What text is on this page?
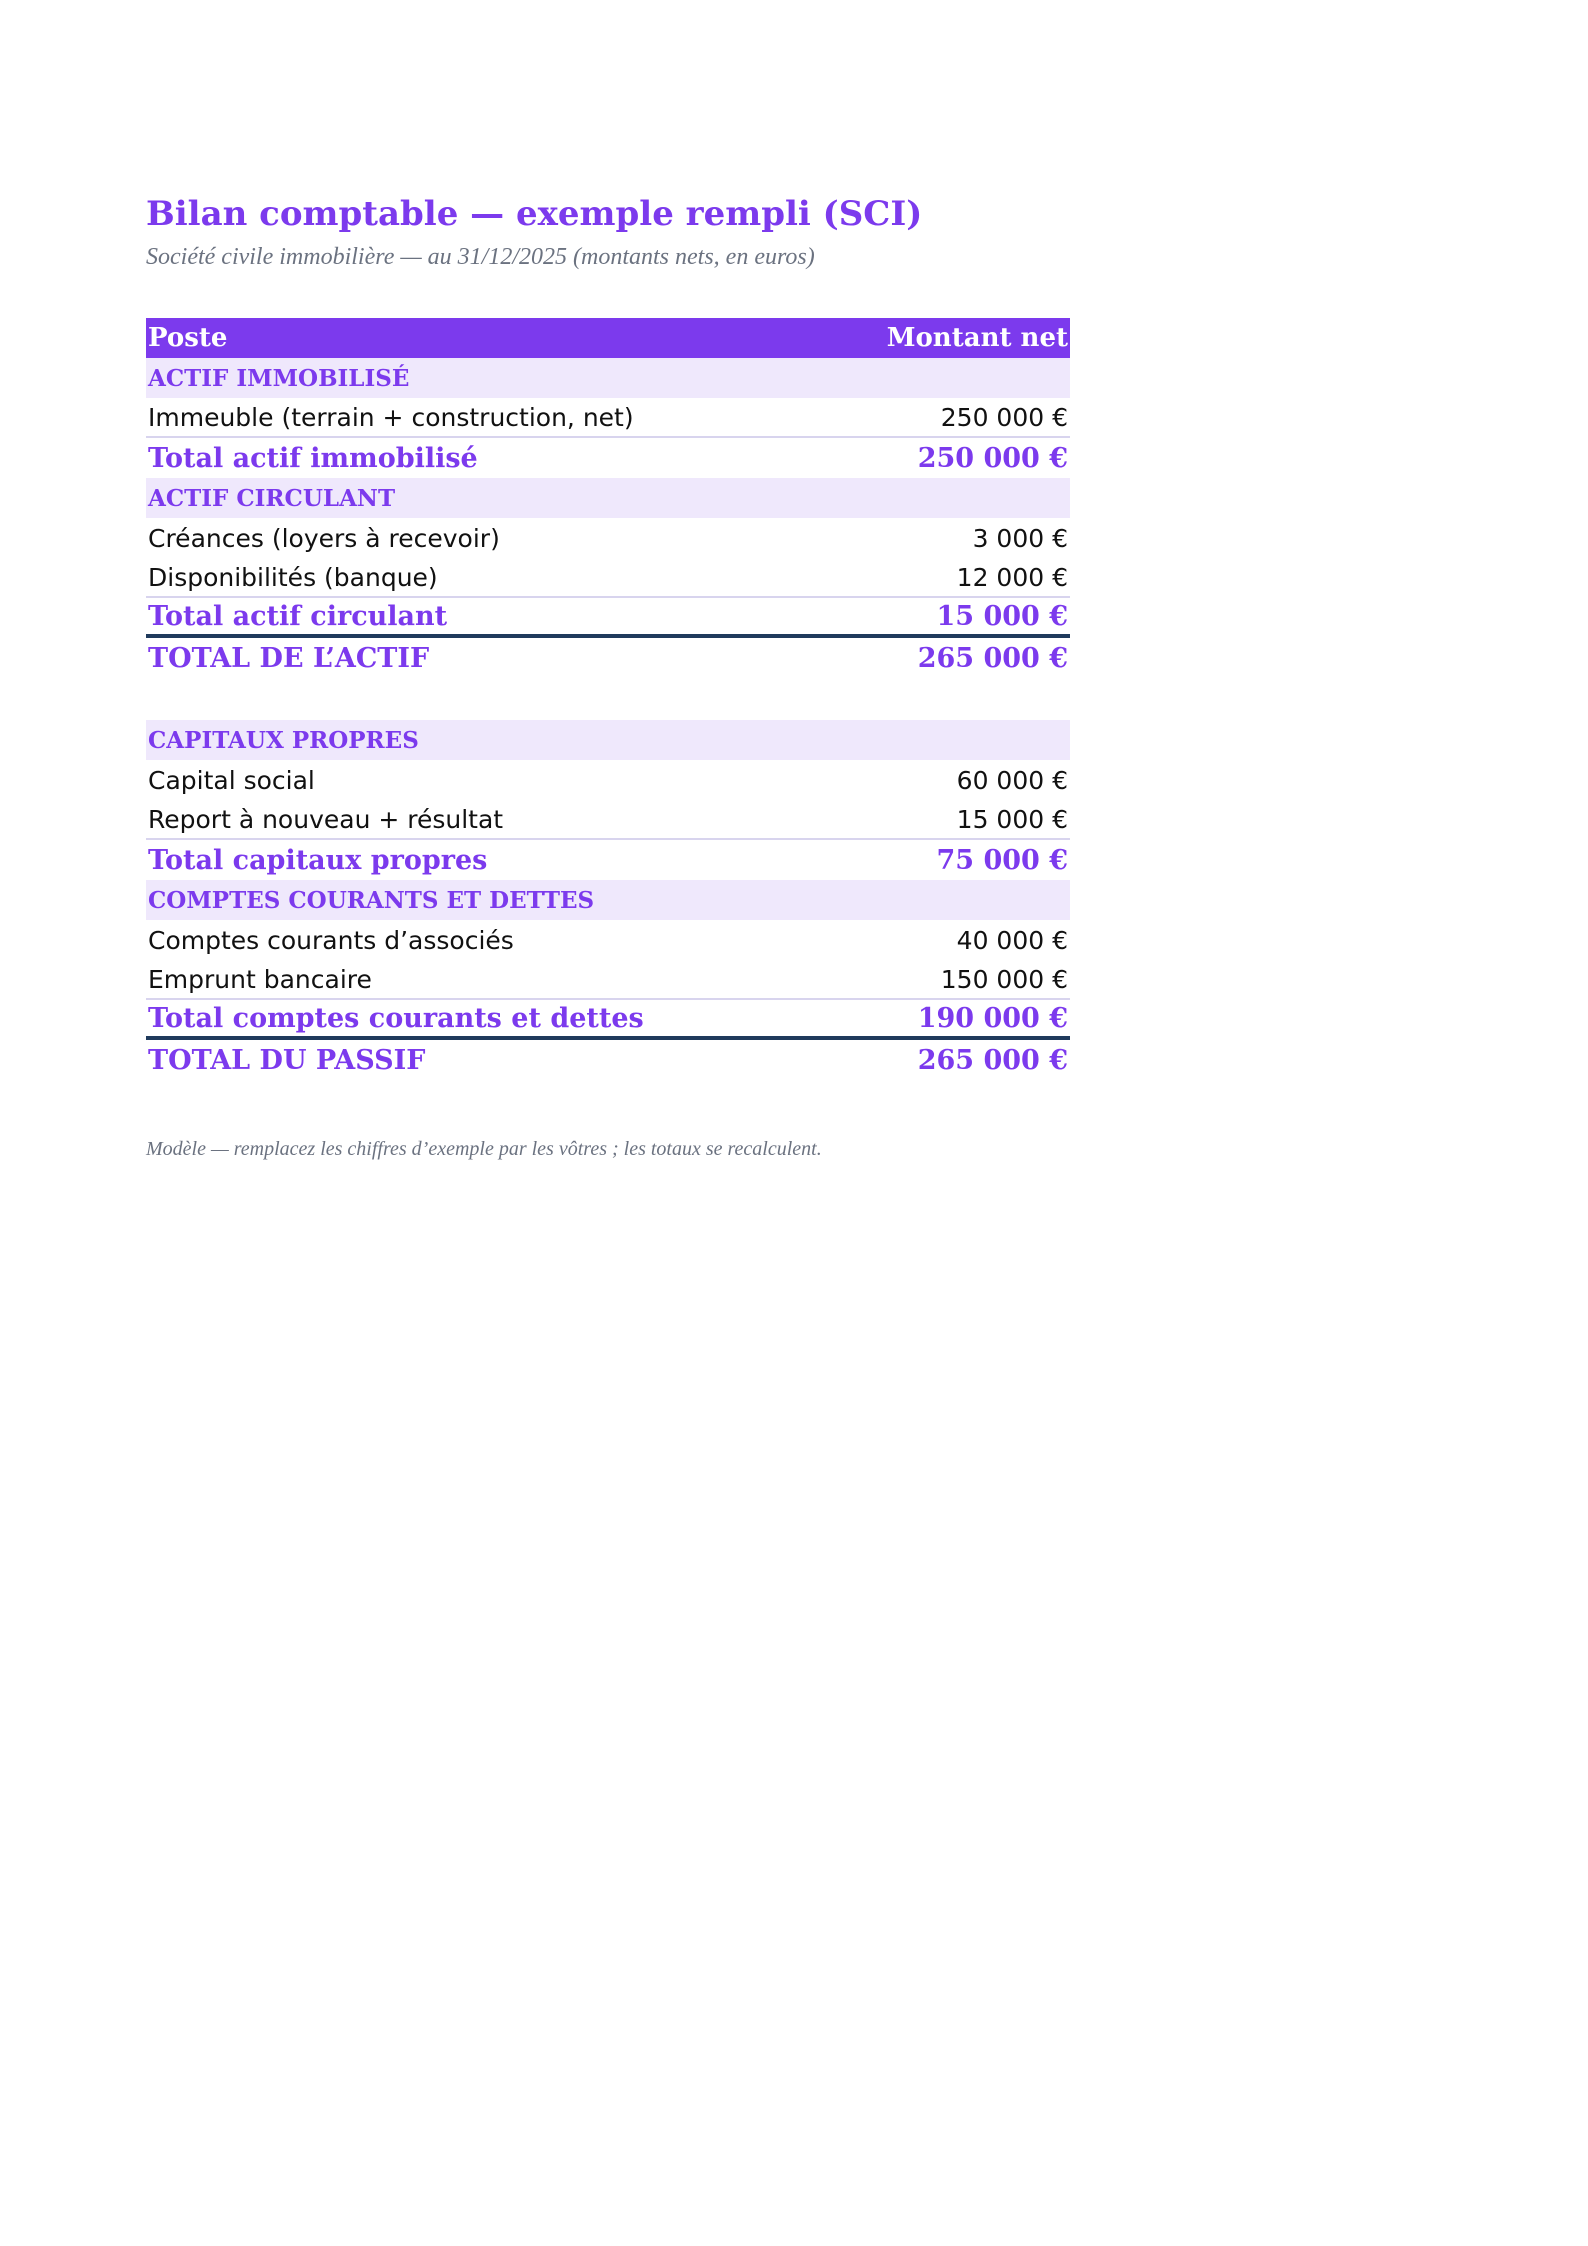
Bilan comptable — exemple rempli (SCI)
Société civile immobilière — au 31/12/2025 (montants nets, en euros)
Poste	Montant net
ACTIF IMMOBILISÉ
Immeuble (terrain + construction, net)	250 000 €
Total actif immobilisé	250 000 €
ACTIF CIRCULANT
Créances (loyers à recevoir)	3 000 €
Disponibilités (banque)	12 000 €
Total actif circulant	15 000 €
TOTAL DE L’ACTIF	265 000 €
CAPITAUX PROPRES
Capital social	60 000 €
Report à nouveau + résultat	15 000 €
Total capitaux propres	75 000 €
COMPTES COURANTS ET DETTES
Comptes courants d’associés	40 000 €
Emprunt bancaire	150 000 €
Total comptes courants et dettes	190 000 €
TOTAL DU PASSIF	265 000 €
Modèle — remplacez les chiffres d’exemple par les vôtres ; les totaux se recalculent.
